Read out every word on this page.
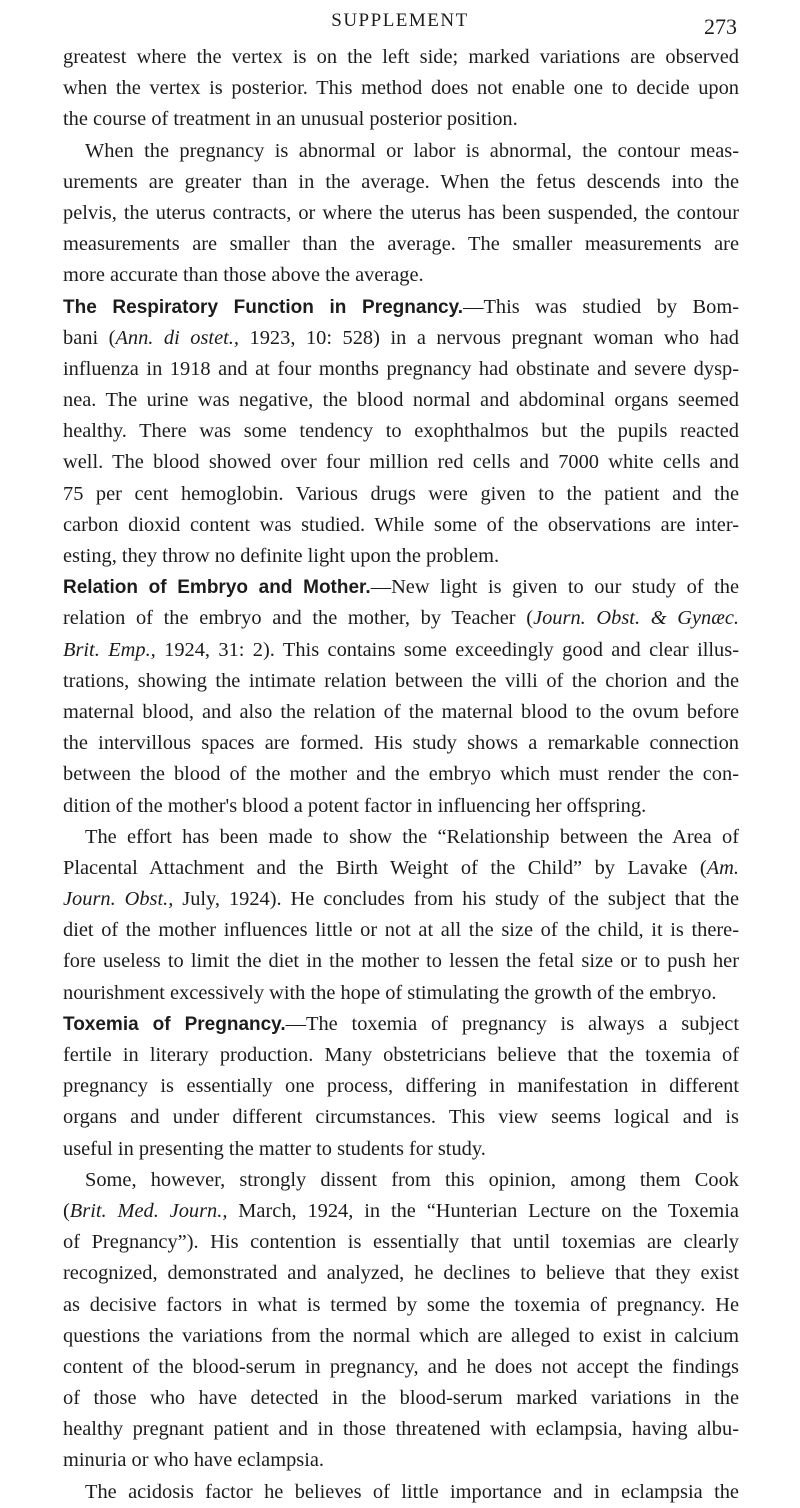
SUPPLEMENT	273
greatest where the vertex is on the left side; marked variations are observed
when the vertex is posterior. This method does not enable one to decide upon
the course of treatment in an unusual posterior position.
When the pregnancy is abnormal or labor is abnormal, the contour meas-
urements are greater than in the average. When the fetus descends into the
pelvis, the uterus contracts, or where the uterus has been suspended, the contour
measurements are smaller than the average. The smaller measurements are
more accurate than those above the average.
The Respiratory Function in Pregnancy.—This was studied by Bom-
bani (Ann. di ostet., 1923, 10: 528) in a nervous pregnant woman who had
influenza in 1918 and at four months pregnancy had obstinate and severe dysp-
nea. The urine was negative, the blood normal and abdominal organs seemed
healthy. There was some tendency to exophthalmos but the pupils reacted
well. The blood showed over four million red cells and 7000 white cells and
75 per cent hemoglobin. Various drugs were given to the patient and the
carbon dioxid content was studied. While some of the observations are inter-
esting, they throw no definite light upon the problem.
Relation of Embryo and Mother.—New light is given to our study of the
relation of the embryo and the mother, by Teacher (Journ. Obst. & Gynæc.
Brit. Emp., 1924, 31: 2). This contains some exceedingly good and clear illus-
trations, showing the intimate relation between the villi of the chorion and the
maternal blood, and also the relation of the maternal blood to the ovum before
the intervillous spaces are formed. His study shows a remarkable connection
between the blood of the mother and the embryo which must render the con-
dition of the mother's blood a potent factor in influencing her offspring.
The effort has been made to show the “Relationship between the Area of
Placental Attachment and the Birth Weight of the Child” by Lavake (Am.
Journ. Obst., July, 1924). He concludes from his study of the subject that the
diet of the mother influences little or not at all the size of the child, it is there-
fore useless to limit the diet in the mother to lessen the fetal size or to push her
nourishment excessively with the hope of stimulating the growth of the embryo.
Toxemia of Pregnancy.—The toxemia of pregnancy is always a subject
fertile in literary production. Many obstetricians believe that the toxemia of
pregnancy is essentially one process, differing in manifestation in different
organs and under different circumstances. This view seems logical and is
useful in presenting the matter to students for study.
Some, however, strongly dissent from this opinion, among them Cook
(Brit. Med. Journ., March, 1924, in the “Hunterian Lecture on the Toxemia
of Pregnancy”). His contention is essentially that until toxemias are clearly
recognized, demonstrated and analyzed, he declines to believe that they exist
as decisive factors in what is termed by some the toxemia of pregnancy. He
questions the variations from the normal which are alleged to exist in calcium
content of the blood-serum in pregnancy, and he does not accept the findings
of those who have detected in the blood-serum marked variations in the
healthy pregnant patient and in those threatened with eclampsia, having albu-
minuria or who have eclampsia.
The acidosis factor he believes of little importance and in eclampsia the
